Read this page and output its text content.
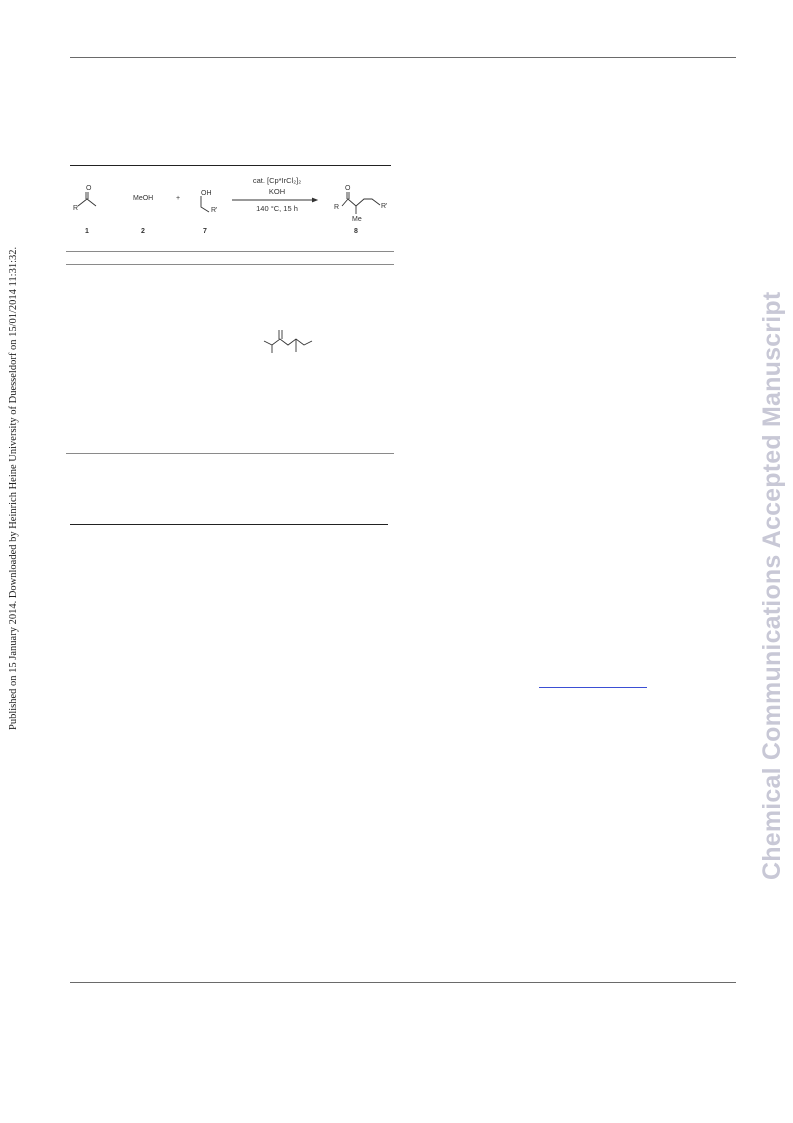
Published on 15 January 2014. Downloaded by Heinrich Heine University of Duesseldorf on 15/01/2014 11:31:32.	Chemical Communications Accepted Manuscript
O
R
1
MeOH	+
2
OH
R'
7
cat. [Cp*IrCl₂]₂
KOH
140 °C, 15 h
O
R	R'
Me
8
